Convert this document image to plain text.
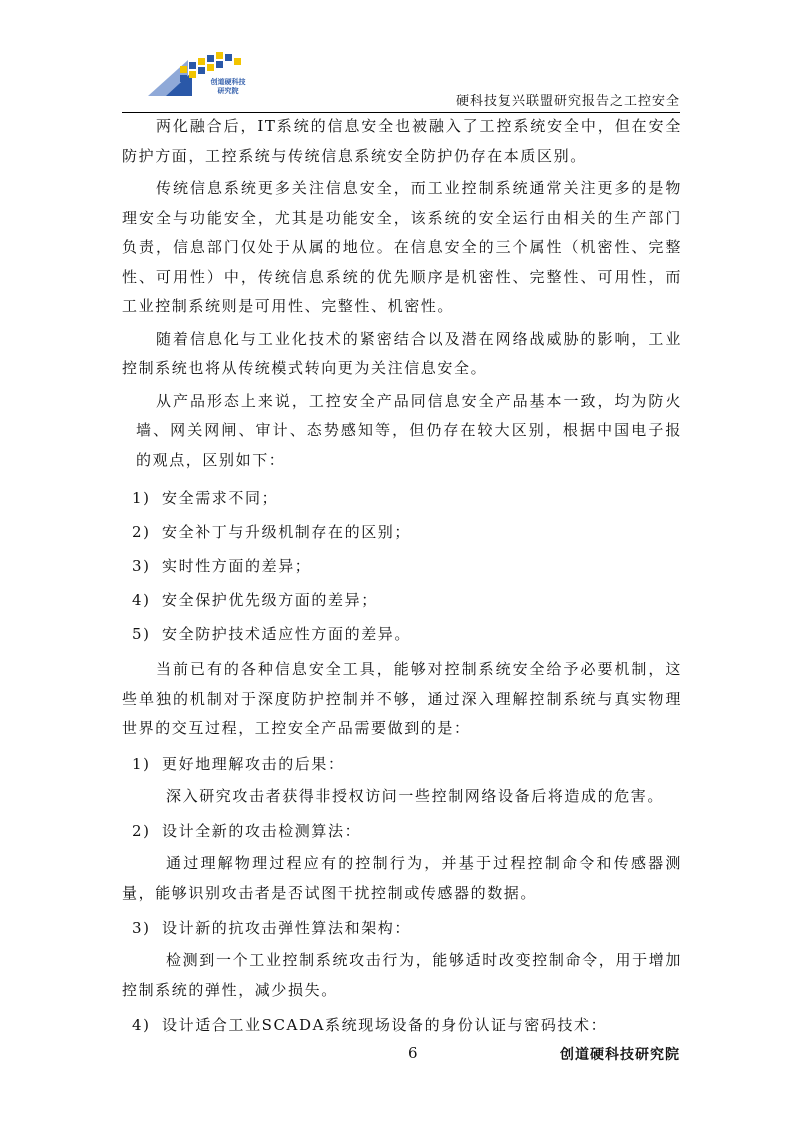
创道硬科技
研究院
硬科技复兴联盟研究报告之工控安全

两化融合后，IT系统的信息安全也被融入了工控系统安全中，但在安全防护方面，工控系统与传统信息系统安全防护仍存在本质区别。

传统信息系统更多关注信息安全，而工业控制系统通常关注更多的是物理安全与功能安全，尤其是功能安全，该系统的安全运行由相关的生产部门负责，信息部门仅处于从属的地位。在信息安全的三个属性（机密性、完整性、可用性）中，传统信息系统的优先顺序是机密性、完整性、可用性，而工业控制系统则是可用性、完整性、机密性。

随着信息化与工业化技术的紧密结合以及潜在网络战威胁的影响，工业控制系统也将从传统模式转向更为关注信息安全。

从产品形态上来说，工控安全产品同信息安全产品基本一致，均为防火墙、网关网闸、审计、态势感知等，但仍存在较大区别，根据中国电子报的观点，区别如下：

1) 安全需求不同；
2) 安全补丁与升级机制存在的区别；
3) 实时性方面的差异；
4) 安全保护优先级方面的差异；
5) 安全防护技术适应性方面的差异。

当前已有的各种信息安全工具，能够对控制系统安全给予必要机制，这些单独的机制对于深度防护控制并不够，通过深入理解控制系统与真实物理世界的交互过程，工控安全产品需要做到的是：

1) 更好地理解攻击的后果：

深入研究攻击者获得非授权访问一些控制网络设备后将造成的危害。

2) 设计全新的攻击检测算法：

通过理解物理过程应有的控制行为，并基于过程控制命令和传感器测量，能够识别攻击者是否试图干扰控制或传感器的数据。

3) 设计新的抗攻击弹性算法和架构：

检测到一个工业控制系统攻击行为，能够适时改变控制命令，用于增加控制系统的弹性，减少损失。

4) 设计适合工业SCADA系统现场设备的身份认证与密码技术：
6	创道硬科技研究院
